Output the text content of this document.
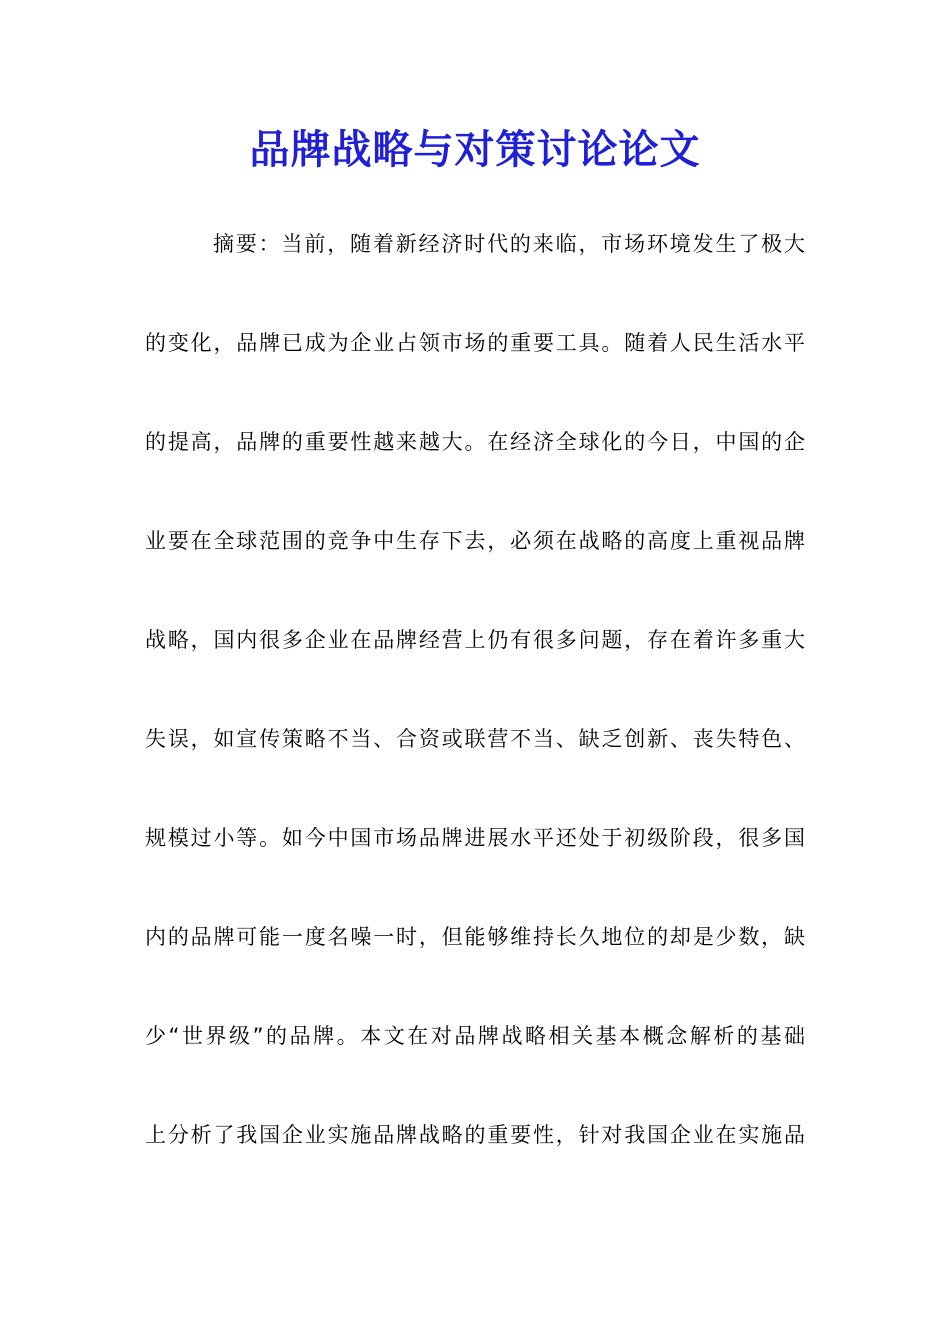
品牌战略与对策讨论论文
摘要：当前，随着新经济时代的来临，市场环境发生了极大
的变化，品牌已成为企业占领市场的重要工具。随着人民生活水平
的提高，品牌的重要性越来越大。在经济全球化的今日，中国的企
业要在全球范围的竞争中生存下去，必须在战略的高度上重视品牌
战略，国内很多企业在品牌经营上仍有很多问题，存在着许多重大
失误，如宣传策略不当、合资或联营不当、缺乏创新、丧失特色、
规模过小等。如今中国市场品牌进展水平还处于初级阶段，很多国
内的品牌可能一度名噪一时，但能够维持长久地位的却是少数，缺
少“世界级”的品牌。本文在对品牌战略相关基本概念解析的基础
上分析了我国企业实施品牌战略的重要性，针对我国企业在实施品
